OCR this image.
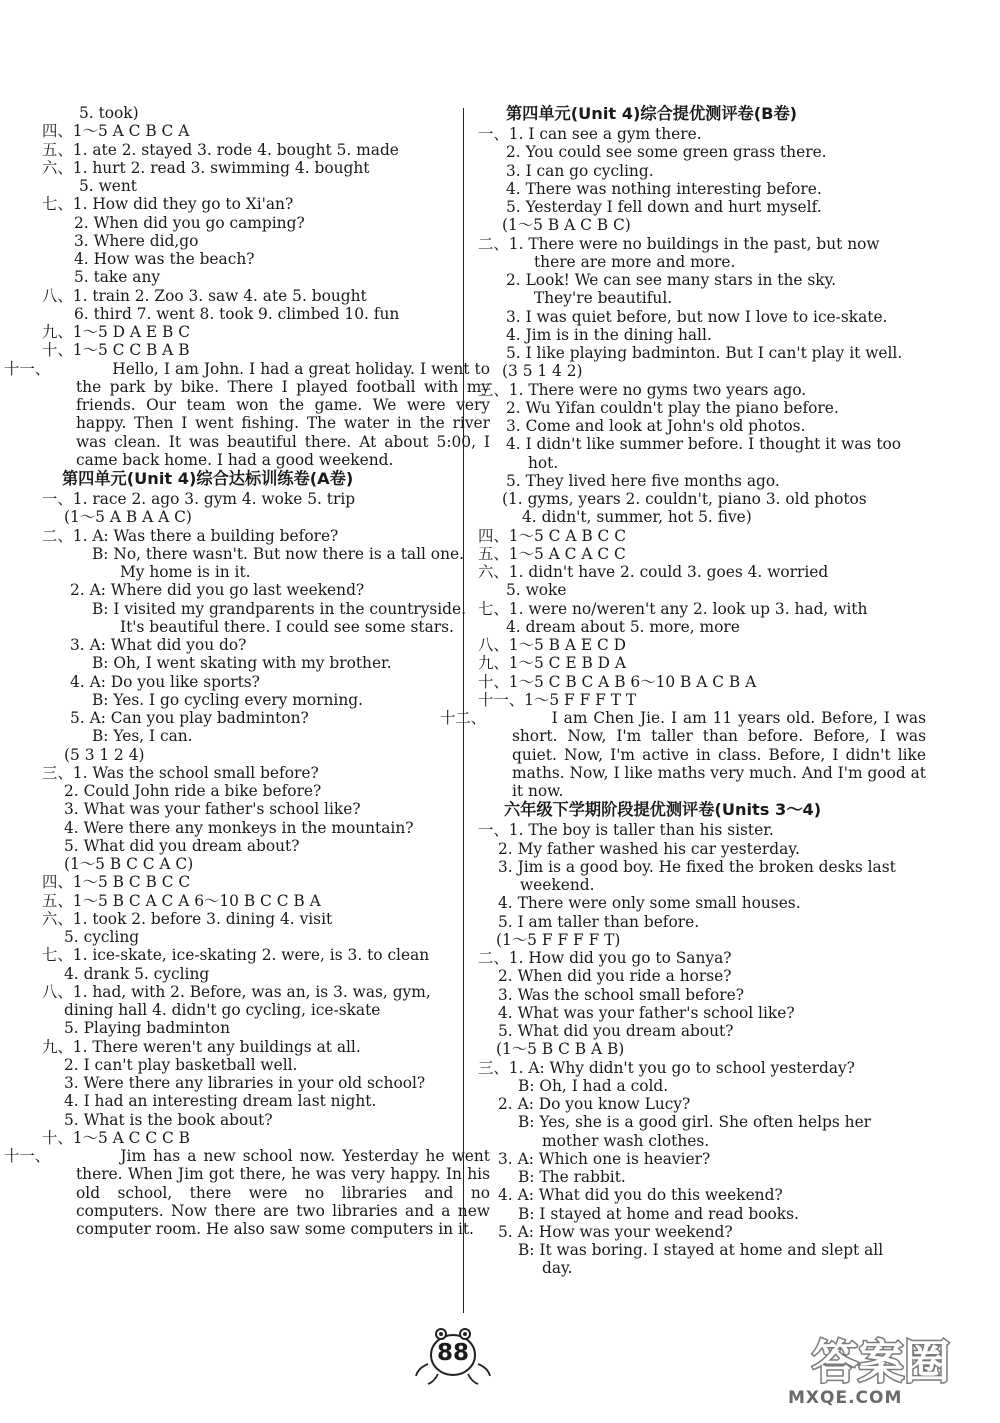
5. took)
四、1～5 A C B C A
五、1. ate 2. stayed 3. rode 4. bought 5. made
六、1. hurt 2. read 3. swimming 4. bought
5. went
七、1. How did they go to Xi'an?
2. When did you go camping?
3. Where did,go
4. How was the beach?
5. take any
八、1. train 2. Zoo 3. saw 4. ate 5. bought
6. third 7. went 8. took 9. climbed 10. fun
九、1～5 D A E B C
十、1～5 C C B A B
十一、	Hello, I am John. I had a great holiday. I went to the park by bike. There I played football with my friends. Our team won the game. We were very happy. Then I went fishing. The water in the river was clean. It was beautiful there. At about 5:00, I came back home. I had a good weekend.
第四单元(Unit 4)综合达标训练卷(A卷)
一、1. race 2. ago 3. gym 4. woke 5. trip
(1～5 A B A A C)
二、1. A: Was there a building before?
B: No, there wasn't. But now there is a tall one.
My home is in it.
2. A: Where did you go last weekend?
B: I visited my grandparents in the countryside.
It's beautiful there. I could see some stars.
3. A: What did you do?
B: Oh, I went skating with my brother.
4. A: Do you like sports?
B: Yes. I go cycling every morning.
5. A: Can you play badminton?
B: Yes, I can.
(5 3 1 2 4)
三、1. Was the school small before?
2. Could John ride a bike before?
3. What was your father's school like?
4. Were there any monkeys in the mountain?
5. What did you dream about?
(1～5 B C C A C)
四、1～5 B C B C C
五、1～5 B C A C A 6～10 B C C B A
六、1. took 2. before 3. dining 4. visit
5. cycling
七、1. ice-skate, ice-skating 2. were, is 3. to clean
4. drank 5. cycling
八、1. had, with 2. Before, was an, is 3. was, gym,
dining hall 4. didn't go cycling, ice-skate
5. Playing badminton
九、1. There weren't any buildings at all.
2. I can't play basketball well.
3. Were there any libraries in your old school?
4. I had an interesting dream last night.
5. What is the book about?
十、1～5 A C C C B
十一、	Jim has a new school now. Yesterday he went there. When Jim got there, he was very happy. In his old school, there were no libraries and no computers. Now there are two libraries and a new computer room. He also saw some computers in it.
第四单元(Unit 4)综合提优测评卷(B卷)
一、1. I can see a gym there.
2. You could see some green grass there.
3. I can go cycling.
4. There was nothing interesting before.
5. Yesterday I fell down and hurt myself.
(1～5 B A C B C)
二、1. There were no buildings in the past, but now
there are more and more.
2. Look! We can see many stars in the sky.
They're beautiful.
3. I was quiet before, but now I love to ice-skate.
4. Jim is in the dining hall.
5. I like playing badminton. But I can't play it well.
(3 5 1 4 2)
三、1. There were no gyms two years ago.
2. Wu Yifan couldn't play the piano before.
3. Come and look at John's old photos.
4. I didn't like summer before. I thought it was too
hot.
5. They lived here five months ago.
(1. gyms, years 2. couldn't, piano 3. old photos
4. didn't, summer, hot 5. five)
四、1～5 C A B C C
五、1～5 A C A C C
六、1. didn't have 2. could 3. goes 4. worried
5. woke
七、1. were no/weren't any 2. look up 3. had, with
4. dream about 5. more, more
八、1～5 B A E C D
九、1～5 C E B D A
十、1～5 C B C A B 6～10 B A C B A
十一、1～5 F F F T T
十二、	I am Chen Jie. I am 11 years old. Before, I was short. Now, I'm taller than before. Before, I was quiet. Now, I'm active in class. Before, I didn't like maths. Now, I like maths very much. And I'm good at it now.
六年级下学期阶段提优测评卷(Units 3～4)
一、1. The boy is taller than his sister.
2. My father washed his car yesterday.
3. Jim is a good boy. He fixed the broken desks last
weekend.
4. There were only some small houses.
5. I am taller than before.
(1～5 F F F F T)
二、1. How did you go to Sanya?
2. When did you ride a horse?
3. Was the school small before?
4. What was your father's school like?
5. What did you dream about?
(1～5 B C B A B)
三、1. A: Why didn't you go to school yesterday?
B: Oh, I had a cold.
2. A: Do you know Lucy?
B: Yes, she is a good girl. She often helps her
mother wash clothes.
3. A: Which one is heavier?
B: The rabbit.
4. A: What did you do this weekend?
B: I stayed at home and read books.
5. A: How was your weekend?
B: It was boring. I stayed at home and slept all
day.
88	答案圈
MXQE.COM
